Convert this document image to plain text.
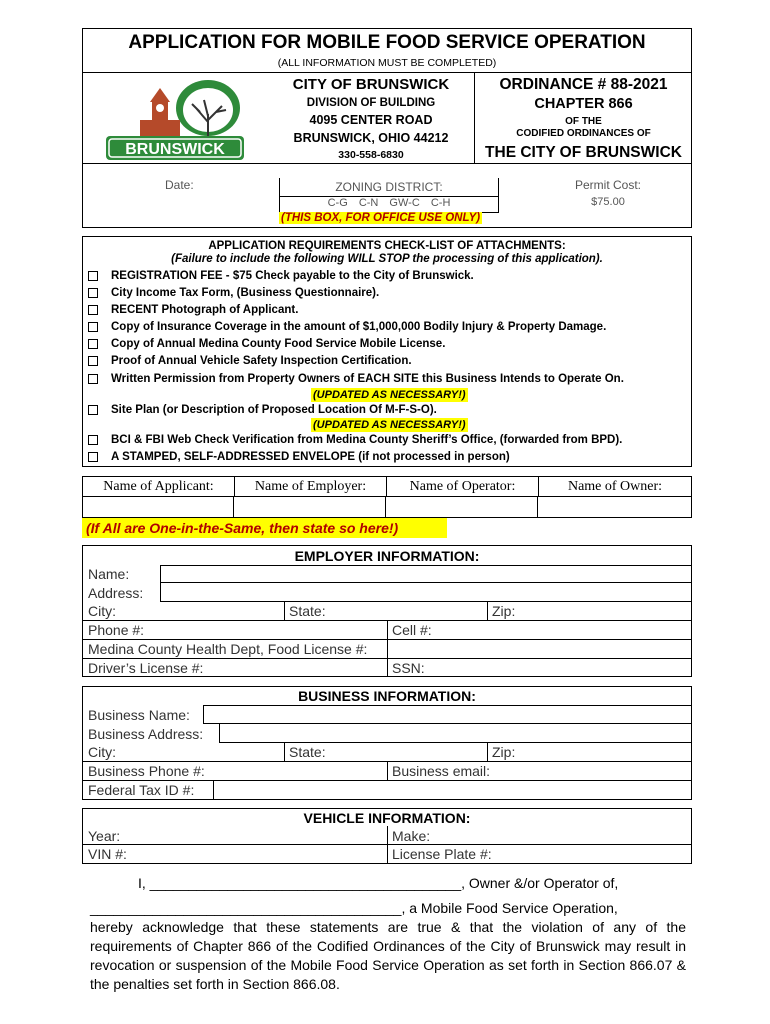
APPLICATION FOR MOBILE FOOD SERVICE OPERATION
(ALL INFORMATION MUST BE COMPLETED)
BRUNSWICK
CITY OF BRUNSWICK
DIVISION OF BUILDING
4095 CENTER ROAD
BRUNSWICK, OHIO 44212
330-558-6830
ORDINANCE # 88-2021
CHAPTER 866
OF THE
CODIFIED ORDINANCES OF
THE CITY OF BRUNSWICK
Date:	ZONING DISTRICT:
C-G C-N GW-C C-H
Permit Cost:
$75.00
(THIS BOX, FOR OFFICE USE ONLY)
APPLICATION REQUIREMENTS CHECK-LIST OF ATTACHMENTS:
(Failure to include the following WILL STOP the processing of this application).
REGISTRATION FEE - $75 Check payable to the City of Brunswick.
City Income Tax Form, (Business Questionnaire).
RECENT Photograph of Applicant.
Copy of Insurance Coverage in the amount of $1,000,000 Bodily Injury & Property Damage.
Copy of Annual Medina County Food Service Mobile License.
Proof of Annual Vehicle Safety Inspection Certification.
Written Permission from Property Owners of EACH SITE this Business Intends to Operate On.
(UPDATED AS NECESSARY!)
Site Plan (or Description of Proposed Location Of M-F-S-O).
(UPDATED AS NECESSARY!)
BCI & FBI Web Check Verification from Medina County Sheriff’s Office, (forwarded from BPD).
A STAMPED, SELF-ADDRESSED ENVELOPE (if not processed in person)
Name of Applicant:	Name of Employer:	Name of Operator:	Name of Owner:
(If All are One-in-the-Same, then state so here!)
EMPLOYER INFORMATION:
Name:
Address:
City:	State:	Zip:
Phone #:	Cell #:
Medina County Health Dept, Food License #:
Driver’s License #:	SSN:
BUSINESS INFORMATION:
Business Name:
Business Address:
City:	State:	Zip:
Business Phone #:	Business email:
Federal Tax ID #:
VEHICLE INFORMATION:
Year:	Make:
VIN #:	License Plate #:
I, ________________________________________, Owner &/or Operator of,
________________________________________, a Mobile Food Service Operation,
hereby acknowledge that these statements are true & that the violation of any of the requirements of Chapter 866 of the Codified Ordinances of the City of Brunswick may result in revocation or suspension of the Mobile Food Service Operation as set forth in Section 866.07 & the penalties set forth in Section 866.08.
